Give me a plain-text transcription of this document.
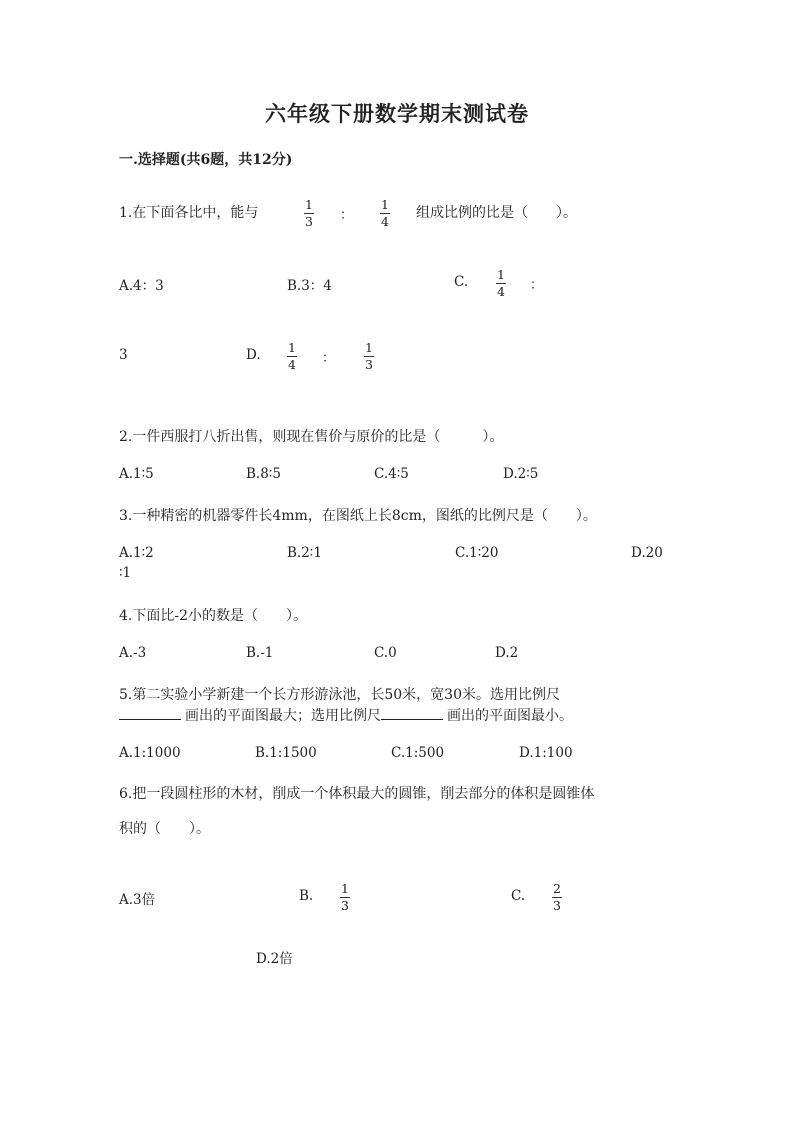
六年级下册数学期末测试卷
一.选择题(共6题，共12分)
1.在下面各比中，能与
1
3 ：
1
4
组成比例的比是（　　）。
A.4：3	B.3：4	C. 1
4 ：
3	D. 1
4 ：
1
3
2.一件西服打八折出售，则现在售价与原价的比是（　　　）。
A.1∶5	B.8∶5	C.4∶5	D.2∶5
3.一种精密的机器零件长4mm，在图纸上长8cm，图纸的比例尺是（　　）。
A.1∶2	B.2∶1	C.1∶20	D.20
∶1
4.下面比-2小的数是（　　）。
A.-3	B.-1	C.0	D.2
5.第二实验小学新建一个长方形游泳池，长50米，宽30米。选用比例尺
画出的平面图最大；选用比例尺	画出的平面图最小。
A.1:1000	B.1:1500	C.1:500	D.1:100
6.把一段圆柱形的木材，削成一个体积最大的圆锥，削去部分的体积是圆锥体
积的（　　）。
A.3倍	B. 1
3
C. 2
3
D.2倍
